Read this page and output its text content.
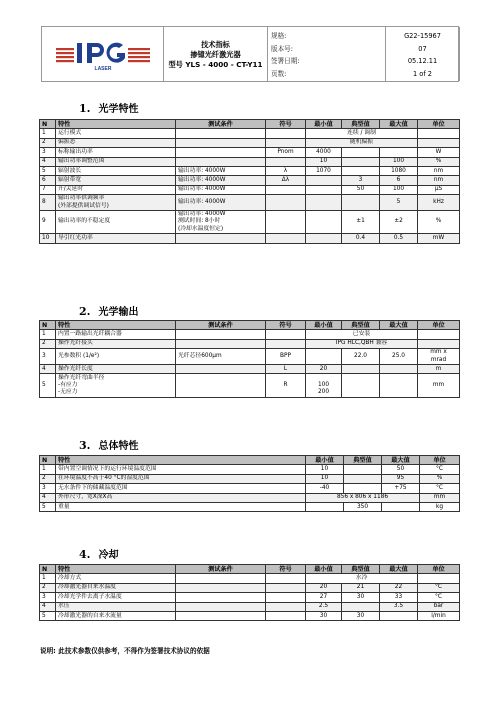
LASER
技术指标
掺镱光纤激光器
型号 YLS - 4000 - CT-Y11
规格:
版本号:
签署日期:
页数:
G22-15967
07
05.12.11
1 of 2
1. 光学特性
2. 光学输出
3. 总体特性
4. 冷却
N	特性	测试条件	符号	最小值	典型值	最大值	单位
1	运行模式			连续 / 调制			
2	偏振态			随机偏振			
3	标称输出功率		Pnom	4000			W
4	输出功率调整范围			10		100	%
5	辐射波长	输出功率: 4000W	λ	1070		1080	nm
6	辐射带宽	输出功率: 4000W	Δλ		3	6	nm
7	开/关延时	输出功率: 4000W			50	100	μS
8	输出功率供调频率
(外部提供调试信号)	输出功率: 4000W				5	kHz
9	输出功率的不稳定度	输出功率: 4000W
测试时间: 8小时
(冷却水温度恒定)			±1	±2	%
10	导引红光功率				0.4	0.5	mW
N	特性	测试条件	符号	最小值	典型值	最大值	单位
1	内置一路输出光纤耦合器			已安装			
2	操作光纤接头			IPG HLC,QBH 兼容			
3	光参数积 (1/e²)	光纤芯径600μm	BPP		22.0	25.0	mm x
mrad
4	操作光纤长度		L	20			m
5	操作光纤弯曲半径
-有应力
-无应力		R	100
200			mm
N	特性	最小值	典型值	最大值	单位
1	带内置空调情况下的运行环境温度范围	10		50	°C
2	在环境温度不高于40 °C的湿度范围	10		95	%
3	无水条件下的储藏温度范围	-40		+75	°C
4	外形尺寸，宽X深X高	856 x 806 x 1186			mm
5	重量		350		kg
N	特性	测试条件	符号	最小值	典型值	最大值	单位
1	冷却方式			水冷			
2	冷却激光器自来水温度			20	21	22	°C
3	冷却光学件去离子水温度			27	30	33	°C
4	水压			2.5		3.5	bar
5	冷却激光器的自来水流量			30	30		l/min
说明: 此技术参数仅供参考，不得作为签署技术协议的依据
